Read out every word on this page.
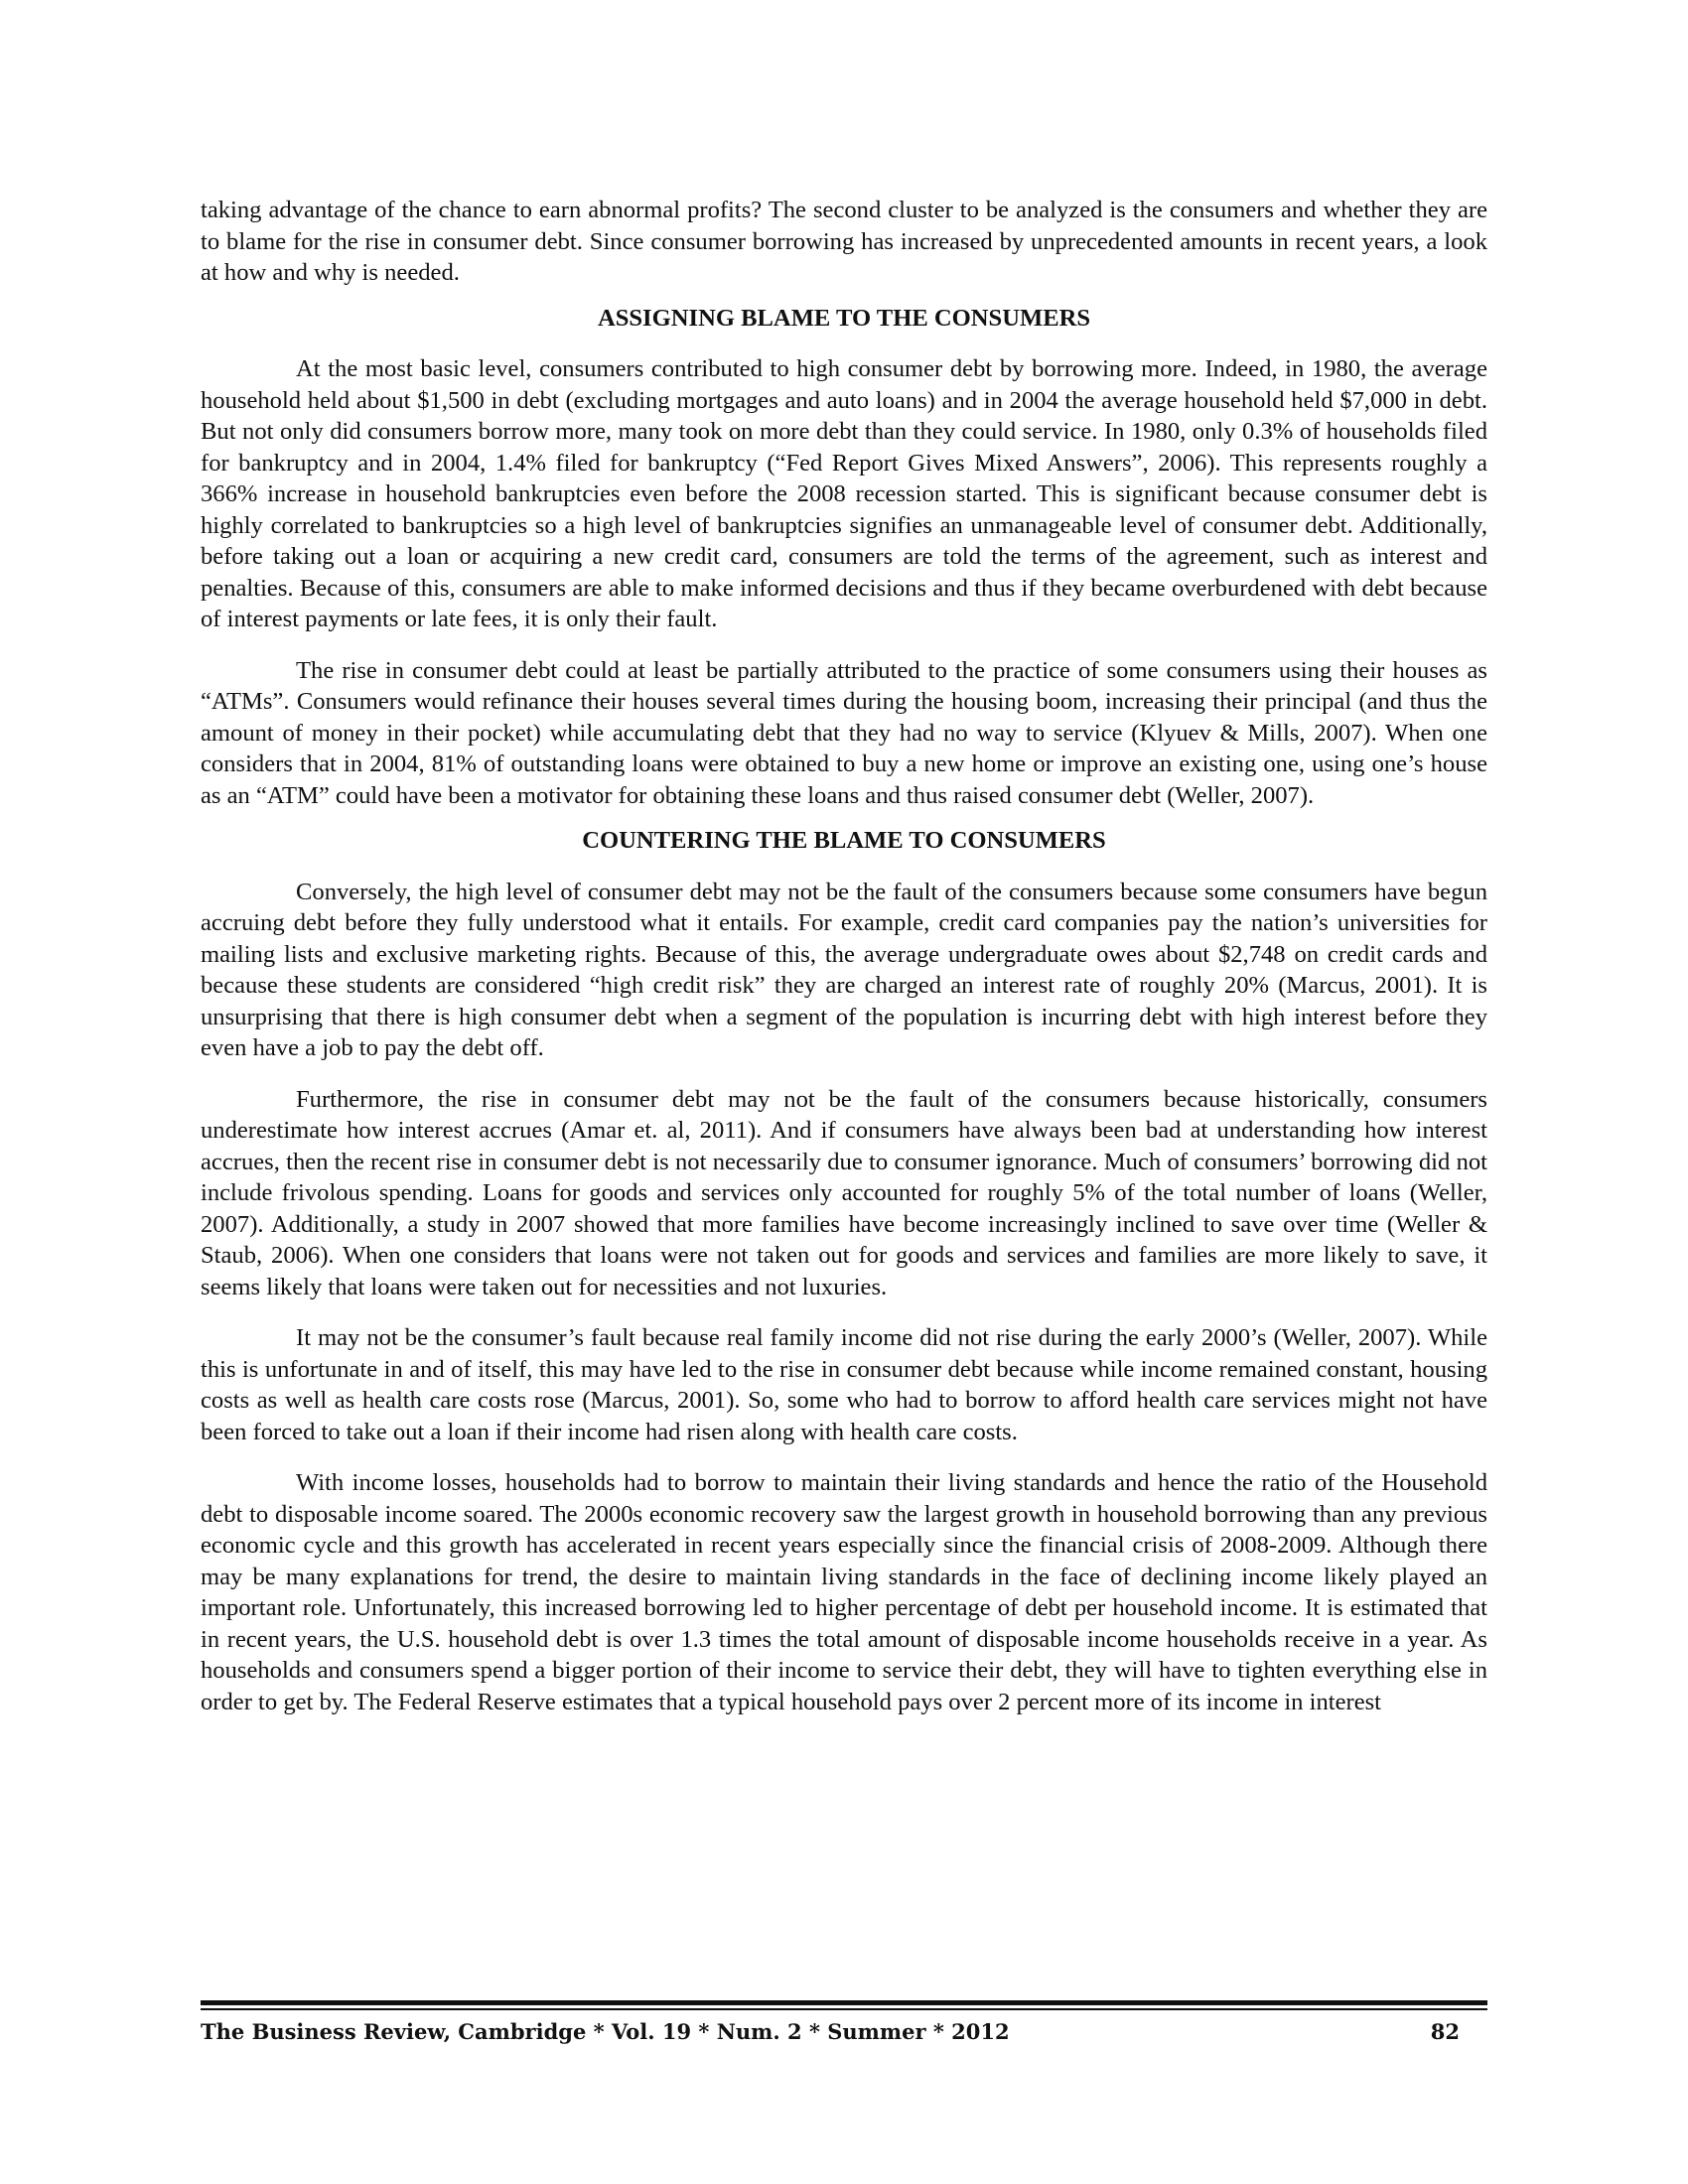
taking advantage of the chance to earn abnormal profits? The second cluster to be analyzed is the consumers and whether they are to blame for the rise in consumer debt. Since consumer borrowing has increased by unprecedented amounts in recent years, a look at how and why is needed.

ASSIGNING BLAME TO THE CONSUMERS

At the most basic level, consumers contributed to high consumer debt by borrowing more. Indeed, in 1980, the average household held about $1,500 in debt (excluding mortgages and auto loans) and in 2004 the average household held $7,000 in debt. But not only did consumers borrow more, many took on more debt than they could service. In 1980, only 0.3% of households filed for bankruptcy and in 2004, 1.4% filed for bankruptcy (“Fed Report Gives Mixed Answers”, 2006). This represents roughly a 366% increase in household bankruptcies even before the 2008 recession started. This is significant because consumer debt is highly correlated to bankruptcies so a high level of bankruptcies signifies an unmanageable level of consumer debt. Additionally, before taking out a loan or acquiring a new credit card, consumers are told the terms of the agreement, such as interest and penalties. Because of this, consumers are able to make informed decisions and thus if they became overburdened with debt because of interest payments or late fees, it is only their fault.

The rise in consumer debt could at least be partially attributed to the practice of some consumers using their houses as “ATMs”. Consumers would refinance their houses several times during the housing boom, increasing their principal (and thus the amount of money in their pocket) while accumulating debt that they had no way to service (Klyuev & Mills, 2007). When one considers that in 2004, 81% of outstanding loans were obtained to buy a new home or improve an existing one, using one’s house as an “ATM” could have been a motivator for obtaining these loans and thus raised consumer debt (Weller, 2007).

COUNTERING THE BLAME TO CONSUMERS

Conversely, the high level of consumer debt may not be the fault of the consumers because some consumers have begun accruing debt before they fully understood what it entails. For example, credit card companies pay the nation’s universities for mailing lists and exclusive marketing rights. Because of this, the average undergraduate owes about $2,748 on credit cards and because these students are considered “high credit risk” they are charged an interest rate of roughly 20% (Marcus, 2001). It is unsurprising that there is high consumer debt when a segment of the population is incurring debt with high interest before they even have a job to pay the debt off.

Furthermore, the rise in consumer debt may not be the fault of the consumers because historically, consumers underestimate how interest accrues (Amar et. al, 2011). And if consumers have always been bad at understanding how interest accrues, then the recent rise in consumer debt is not necessarily due to consumer ignorance. Much of consumers’ borrowing did not include frivolous spending. Loans for goods and services only accounted for roughly 5% of the total number of loans (Weller, 2007). Additionally, a study in 2007 showed that more families have become increasingly inclined to save over time (Weller & Staub, 2006). When one considers that loans were not taken out for goods and services and families are more likely to save, it seems likely that loans were taken out for necessities and not luxuries.

It may not be the consumer’s fault because real family income did not rise during the early 2000’s (Weller, 2007). While this is unfortunate in and of itself, this may have led to the rise in consumer debt because while income remained constant, housing costs as well as health care costs rose (Marcus, 2001). So, some who had to borrow to afford health care services might not have been forced to take out a loan if their income had risen along with health care costs.

With income losses, households had to borrow to maintain their living standards and hence the ratio of the Household debt to disposable income soared. The 2000s economic recovery saw the largest growth in household borrowing than any previous economic cycle and this growth has accelerated in recent years especially since the financial crisis of 2008-2009. Although there may be many explanations for trend, the desire to maintain living standards in the face of declining income likely played an important role. Unfortunately, this increased borrowing led to higher percentage of debt per household income. It is estimated that in recent years, the U.S. household debt is over 1.3 times the total amount of disposable income households receive in a year. As households and consumers spend a bigger portion of their income to service their debt, they will have to tighten everything else in order to get by. The Federal Reserve estimates that a typical household pays over 2 percent more of its income in interest

The Business Review, Cambridge * Vol. 19 * Num. 2 * Summer * 2012	82
